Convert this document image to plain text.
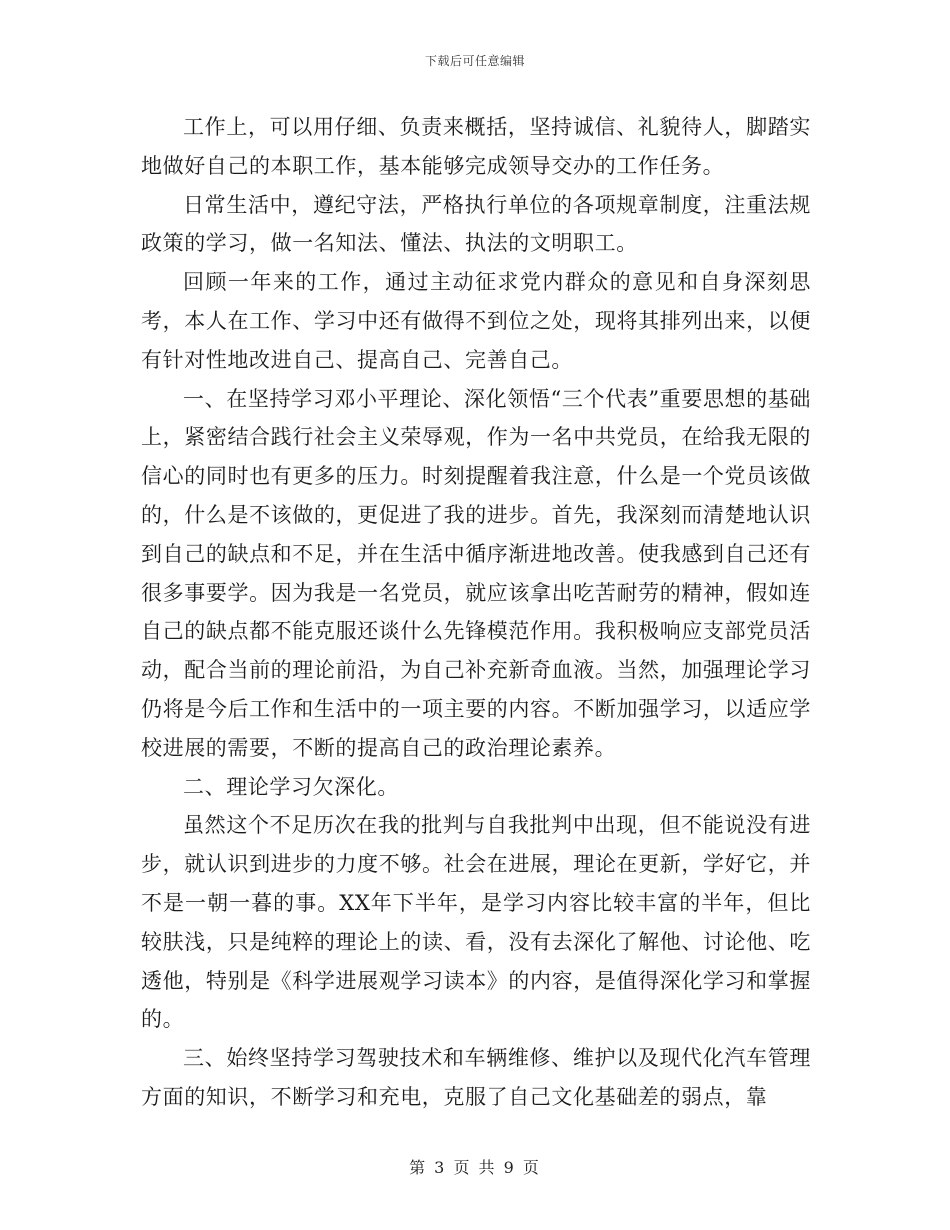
下载后可任意编辑

工作上，可以用仔细、负责来概括，坚持诚信、礼貌待人，脚踏实地做好自己的本职工作，基本能够完成领导交办的工作任务。

日常生活中，遵纪守法，严格执行单位的各项规章制度，注重法规政策的学习，做一名知法、懂法、执法的文明职工。

回顾一年来的工作，通过主动征求党内群众的意见和自身深刻思考，本人在工作、学习中还有做得不到位之处，现将其排列出来，以便有针对性地改进自己、提高自己、完善自己。

一、在坚持学习邓小平理论、深化领悟“三个代表”重要思想的基础上，紧密结合践行社会主义荣辱观，作为一名中共党员，在给我无限的信心的同时也有更多的压力。时刻提醒着我注意，什么是一个党员该做的，什么是不该做的，更促进了我的进步。首先，我深刻而清楚地认识到自己的缺点和不足，并在生活中循序渐进地改善。使我感到自己还有很多事要学。因为我是一名党员，就应该拿出吃苦耐劳的精神，假如连自己的缺点都不能克服还谈什么先锋模范作用。我积极响应支部党员活动，配合当前的理论前沿，为自己补充新奇血液。当然，加强理论学习仍将是今后工作和生活中的一项主要的内容。不断加强学习，以适应学校进展的需要，不断的提高自己的政治理论素养。

二、理论学习欠深化。

虽然这个不足历次在我的批判与自我批判中出现，但不能说没有进步，就认识到进步的力度不够。社会在进展，理论在更新，学好它，并不是一朝一暮的事。XX年下半年，是学习内容比较丰富的半年，但比较肤浅，只是纯粹的理论上的读、看，没有去深化了解他、讨论他、吃透他，特别是《科学进展观学习读本》的内容，是值得深化学习和掌握的。

三、始终坚持学习驾驶技术和车辆维修、维护以及现代化汽车管理方面的知识，不断学习和充电，克服了自己文化基础差的弱点，靠

第 3 页 共 9 页
